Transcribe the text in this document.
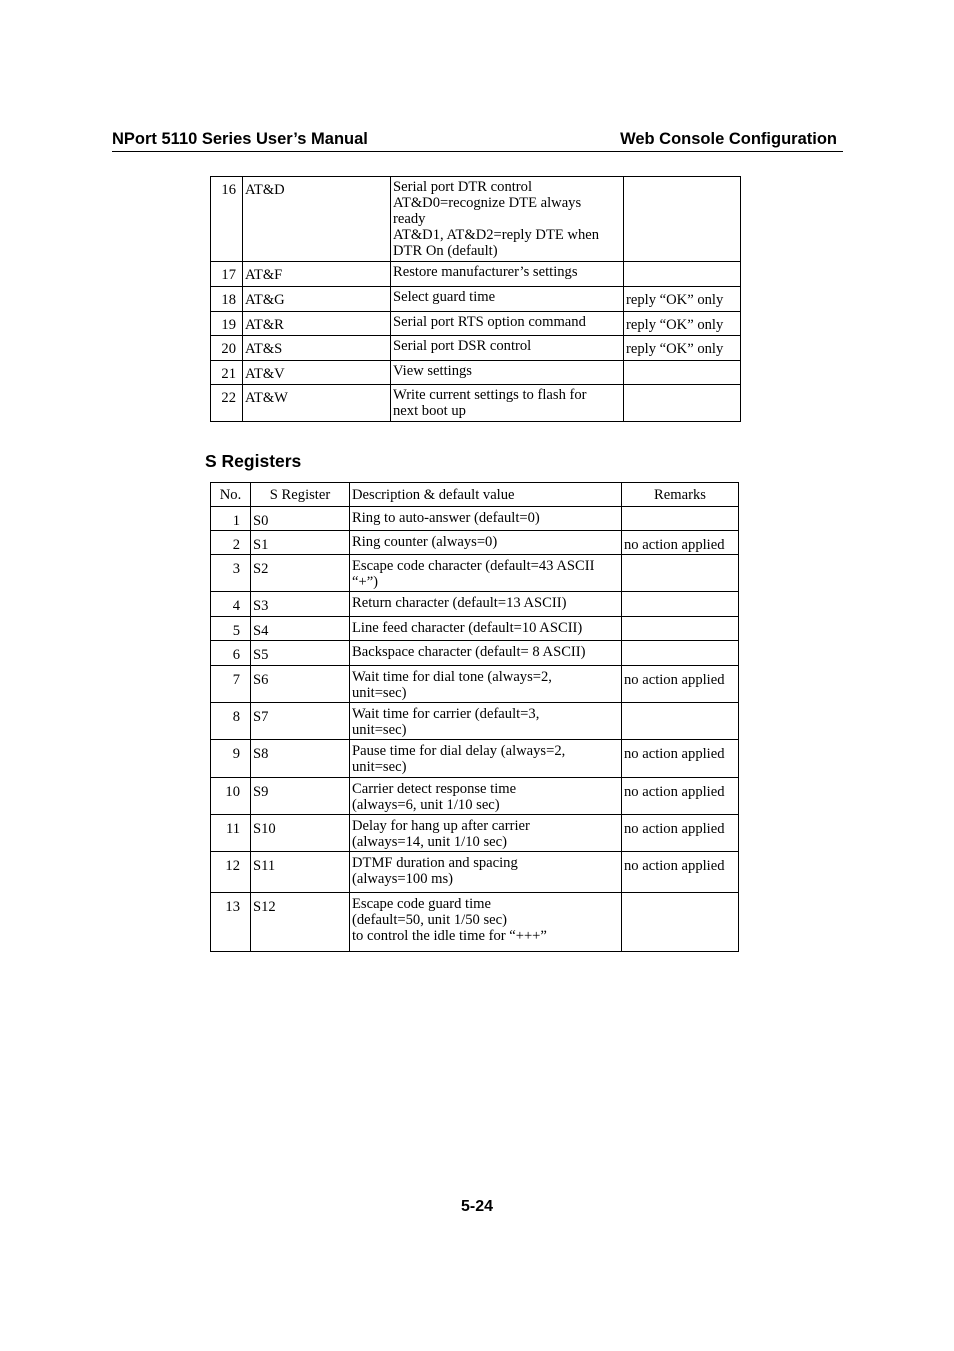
NPort 5110 Series User’s Manual	Web Console Configuration
16	AT&D	Serial port DTR control
AT&D0=recognize DTE always
ready
AT&D1, AT&D2=reply DTE when
DTR On (default)	

17	AT&F	Restore manufacturer’s settings	

18	AT&G	Select guard time	reply “OK” only
19	AT&R	Serial port RTS option command	reply “OK” only
20	AT&S	Serial port DSR control	reply “OK” only
21	AT&V	View settings	

22	AT&W	Write current settings to flash for
next boot up	

S Registers
No.	S Register	Description & default value	Remarks
1	S0	Ring to auto-answer (default=0)	

2	S1	Ring counter (always=0)	no action applied
3	S2	Escape code character (default=43 ASCII
“+”)	

4	S3	Return character (default=13 ASCII)	

5	S4	Line feed character (default=10 ASCII)	

6	S5	Backspace character (default= 8 ASCII)	

7	S6	Wait time for dial tone (always=2,
unit=sec)	no action applied
8	S7	Wait time for carrier (default=3,
unit=sec)	

9	S8	Pause time for dial delay (always=2,
unit=sec)	no action applied
10	S9	Carrier detect response time
(always=6, unit 1/10 sec)	no action applied
11	S10	Delay for hang up after carrier
(always=14, unit 1/10 sec)	no action applied
12	S11	DTMF duration and spacing
(always=100 ms)	no action applied
13	S12	Escape code guard time
(default=50, unit 1/50 sec)
to control the idle time for “+++”	

5-24
